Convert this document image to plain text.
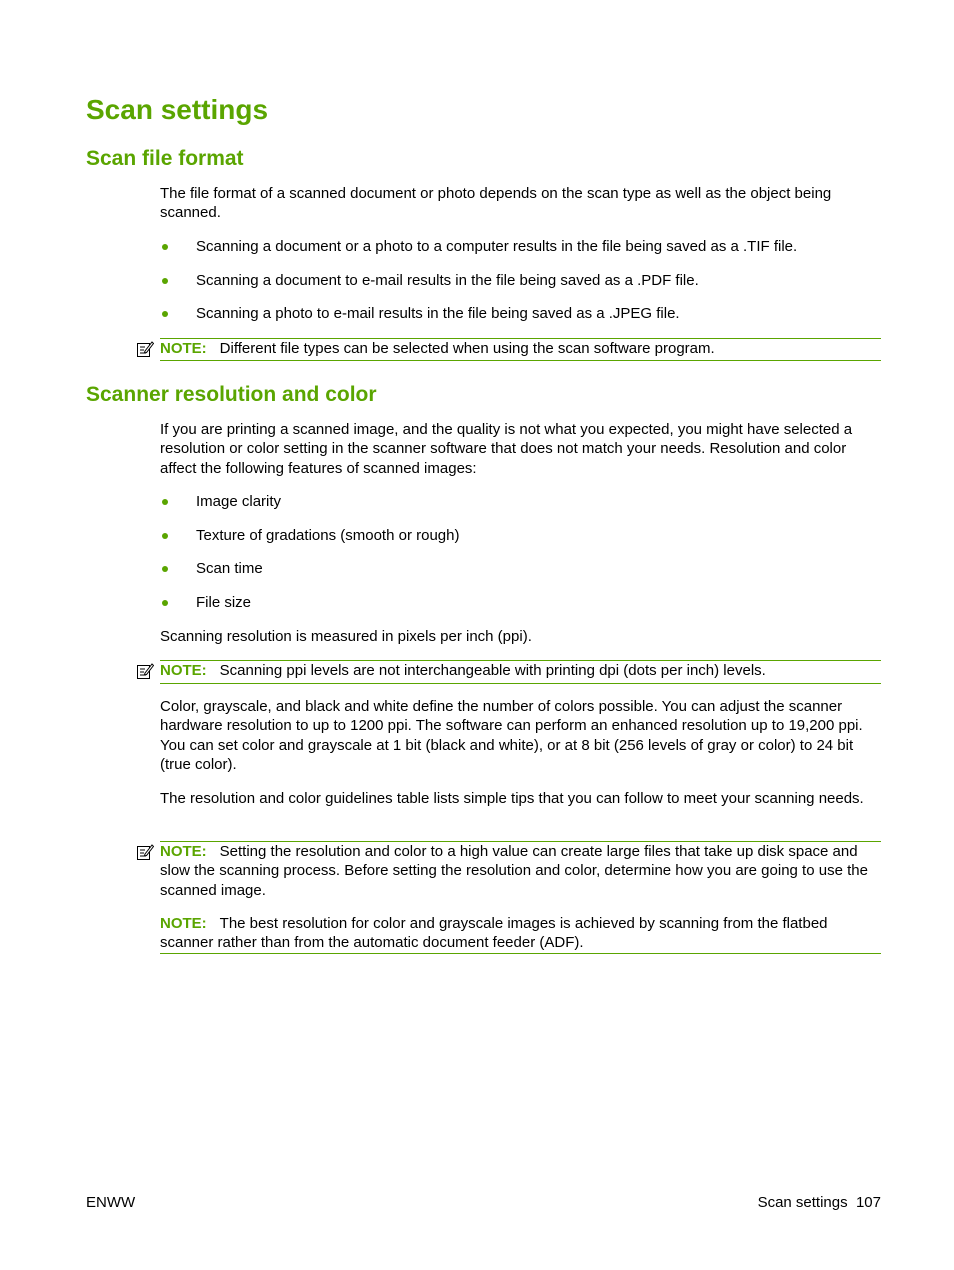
Scan settings
Scan file format

The file format of a scanned document or photo depends on the scan type as well as the object being scanned.

Scanning a document or a photo to a computer results in the file being saved as a .TIF file.
Scanning a document to e-mail results in the file being saved as a .PDF file.
Scanning a photo to e-mail results in the file being saved as a .JPEG file.

NOTE: Different file types can be selected when using the scan software program.

Scanner resolution and color

If you are printing a scanned image, and the quality is not what you expected, you might have selected a resolution or color setting in the scanner software that does not match your needs. Resolution and color affect the following features of scanned images:

Image clarity
Texture of gradations (smooth or rough)
Scan time
File size

Scanning resolution is measured in pixels per inch (ppi).

NOTE: Scanning ppi levels are not interchangeable with printing dpi (dots per inch) levels.

Color, grayscale, and black and white define the number of colors possible. You can adjust the scanner hardware resolution to up to 1200 ppi. The software can perform an enhanced resolution up to 19,200 ppi. You can set color and grayscale at 1 bit (black and white), or at 8 bit (256 levels of gray or color) to 24 bit (true color).

The resolution and color guidelines table lists simple tips that you can follow to meet your scanning needs.

NOTE: Setting the resolution and color to a high value can create large files that take up disk space and slow the scanning process. Before setting the resolution and color, determine how you are going to use the scanned image.

NOTE: The best resolution for color and grayscale images is achieved by scanning from the flatbed scanner rather than from the automatic document feeder (ADF).

ENWW	Scan settings 107
